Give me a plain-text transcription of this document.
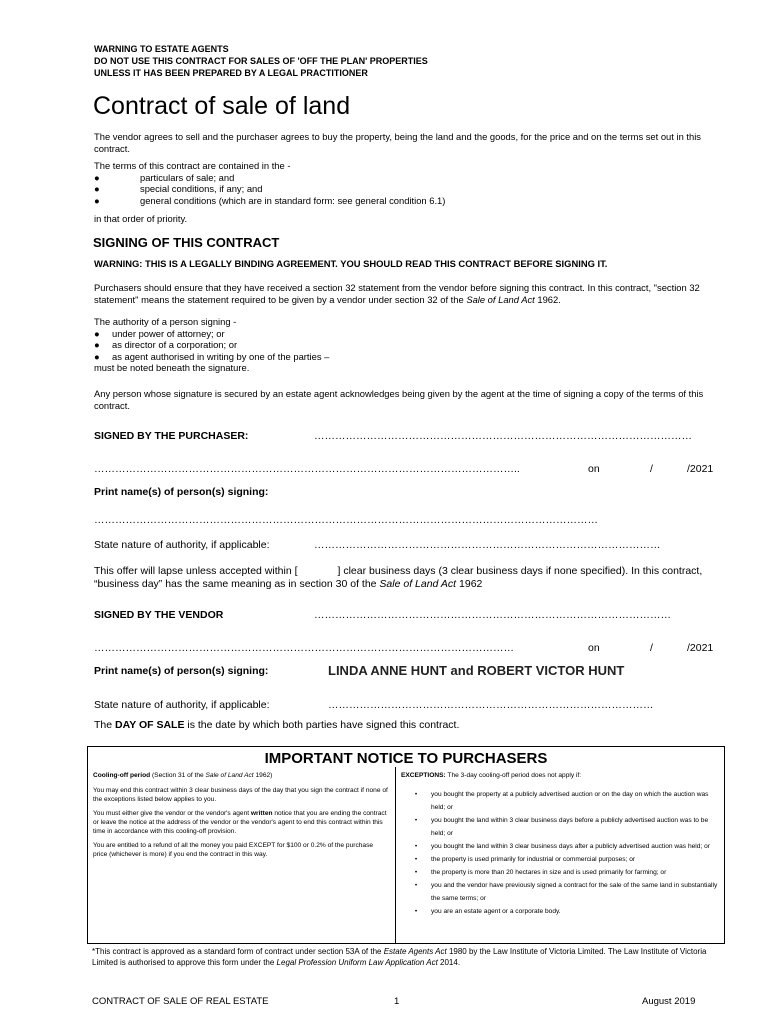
WARNING TO ESTATE AGENTS
DO NOT USE THIS CONTRACT FOR SALES OF 'OFF THE PLAN' PROPERTIES
UNLESS IT HAS BEEN PREPARED BY A LEGAL PRACTITIONER
Contract of sale of land
The vendor agrees to sell and the purchaser agrees to buy the property, being the land and the goods, for the price and on the terms set out in this contract.
The terms of this contract are contained in the -
●	particulars of sale; and
●	special conditions, if any; and
●	general conditions (which are in standard form: see general condition 6.1)
in that order of priority.
SIGNING OF THIS CONTRACT
WARNING: THIS IS A LEGALLY BINDING AGREEMENT. YOU SHOULD READ THIS CONTRACT BEFORE SIGNING IT.
Purchasers should ensure that they have received a section 32 statement from the vendor before signing this contract. In this contract, "section 32 statement" means the statement required to be given by a vendor under section 32 of the Sale of Land Act 1962.
The authority of a person signing -
●	under power of attorney; or
●	as director of a corporation; or
●	as agent authorised in writing by one of the parties –
must be noted beneath the signature.
Any person whose signature is secured by an estate agent acknowledges being given by the agent at the time of signing a copy of the terms of this contract.
SIGNED BY THE PURCHASER:	………………………………………………………………………………………………
…………………………………………………………………………………………………………..	on	/	/2021
Print name(s) of person(s) signing:
………………………………………………………………………………………………………………………………
State nature of authority, if applicable:	………………………………………………………………………………………
This offer will lapse unless accepted within [	] clear business days (3 clear business days if none specified). In this contract, “business day” has the same meaning as in section 30 of the Sale of Land Act 1962
SIGNED BY THE VENDOR	…………………………………………………………………………………………
…………………………………………………………………………………………………………	on	/	/2021
Print name(s) of person(s) signing:	LINDA ANNE HUNT and ROBERT VICTOR HUNT
State nature of authority, if applicable:	…………………………………………………………………………………
The DAY OF SALE is the date by which both parties have signed this contract.
IMPORTANT NOTICE TO PURCHASERS
Cooling-off period (Section 31 of the Sale of Land Act 1962)
You may end this contract within 3 clear business days of the day that you sign the contract if none of the exceptions listed below applies to you.
You must either give the vendor or the vendor's agent written notice that you are ending the contract or leave the notice at the address of the vendor or the vendor's agent to end this contract within this time in accordance with this cooling-off provision.
You are entitled to a refund of all the money you paid EXCEPT for $100 or 0.2% of the purchase price (whichever is more) if you end the contract in this way.
EXCEPTIONS: The 3-day cooling-off period does not apply if:
•	you bought the property at a publicly advertised auction or on the day on which the auction was held; or
•	you bought the land within 3 clear business days before a publicly advertised auction was to be held; or
•	you bought the land within 3 clear business days after a publicly advertised auction was held; or
•	the property is used primarily for industrial or commercial purposes; or
•	the property is more than 20 hectares in size and is used primarily for farming; or
•	you and the vendor have previously signed a contract for the sale of the same land in substantially the same terms; or
•	you are an estate agent or a corporate body.
*This contract is approved as a standard form of contract under section 53A of the Estate Agents Act 1980 by the Law Institute of Victoria Limited. The Law Institute of Victoria Limited is authorised to approve this form under the Legal Profession Uniform Law Application Act 2014.
CONTRACT OF SALE OF REAL ESTATE	1	August 2019
